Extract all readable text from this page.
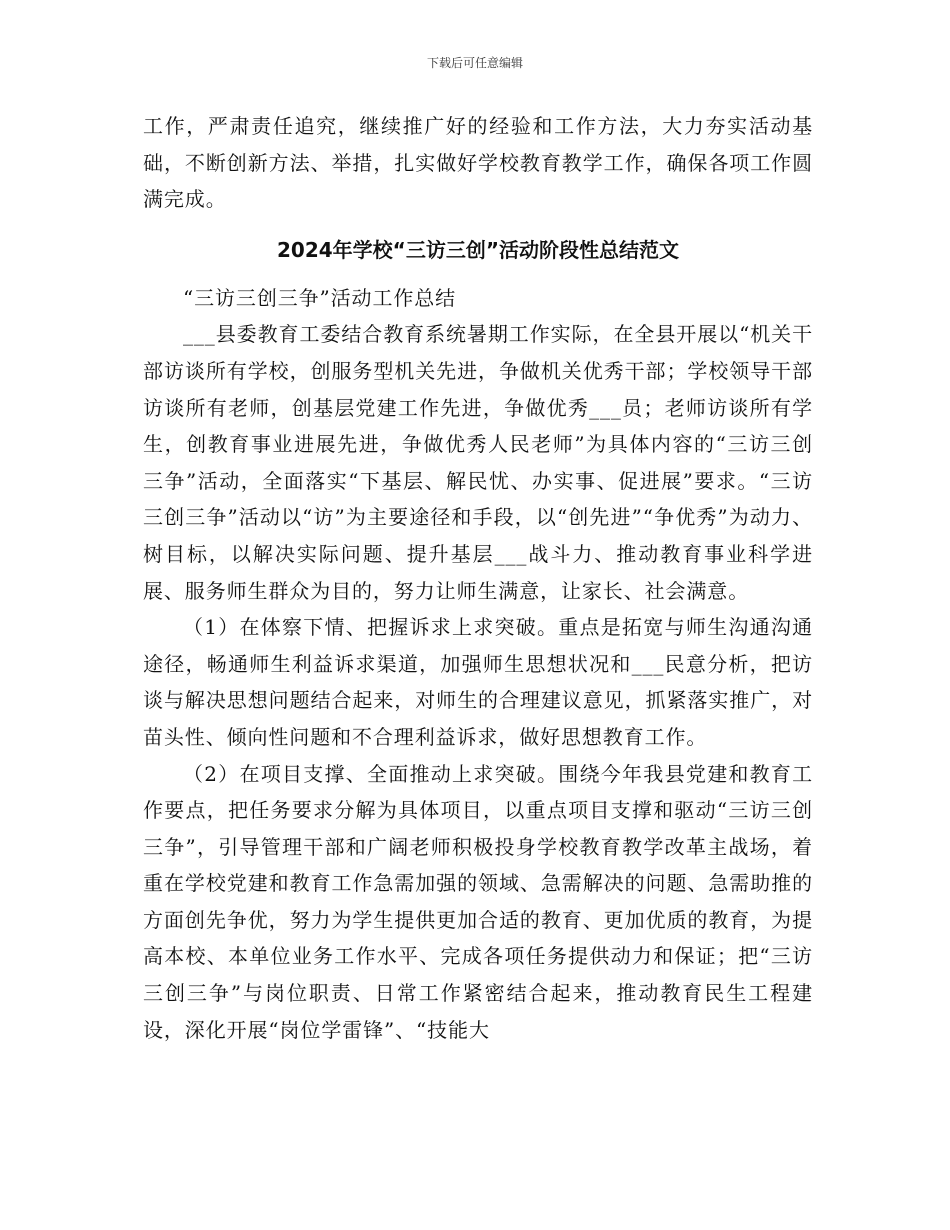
下载后可任意编辑

工作，严肃责任追究，继续推广好的经验和工作方法，大力夯实活动基础，不断创新方法、举措，扎实做好学校教育教学工作，确保各项工作圆满完成。

2024年学校“三访三创”活动阶段性总结范文

“三访三创三争”活动工作总结

___县委教育工委结合教育系统暑期工作实际，在全县开展以“机关干部访谈所有学校，创服务型机关先进，争做机关优秀干部；学校领导干部访谈所有老师，创基层党建工作先进，争做优秀___员；老师访谈所有学生，创教育事业进展先进，争做优秀人民老师”为具体内容的“三访三创三争”活动，全面落实“下基层、解民忧、办实事、促进展”要求。“三访三创三争”活动以“访”为主要途径和手段，以“创先进”“争优秀”为动力、树目标，以解决实际问题、提升基层___战斗力、推动教育事业科学进展、服务师生群众为目的，努力让师生满意，让家长、社会满意。

（1）在体察下情、把握诉求上求突破。重点是拓宽与师生沟通沟通途径，畅通师生利益诉求渠道，加强师生思想状况和___民意分析，把访谈与解决思想问题结合起来，对师生的合理建议意见，抓紧落实推广，对苗头性、倾向性问题和不合理利益诉求，做好思想教育工作。

（2）在项目支撑、全面推动上求突破。围绕今年我县党建和教育工作要点，把任务要求分解为具体项目，以重点项目支撑和驱动“三访三创三争”，引导管理干部和广阔老师积极投身学校教育教学改革主战场，着重在学校党建和教育工作急需加强的领域、急需解决的问题、急需助推的方面创先争优，努力为学生提供更加合适的教育、更加优质的教育，为提高本校、本单位业务工作水平、完成各项任务提供动力和保证；把“三访三创三争”与岗位职责、日常工作紧密结合起来，推动教育民生工程建设，深化开展“岗位学雷锋”、“技能大
